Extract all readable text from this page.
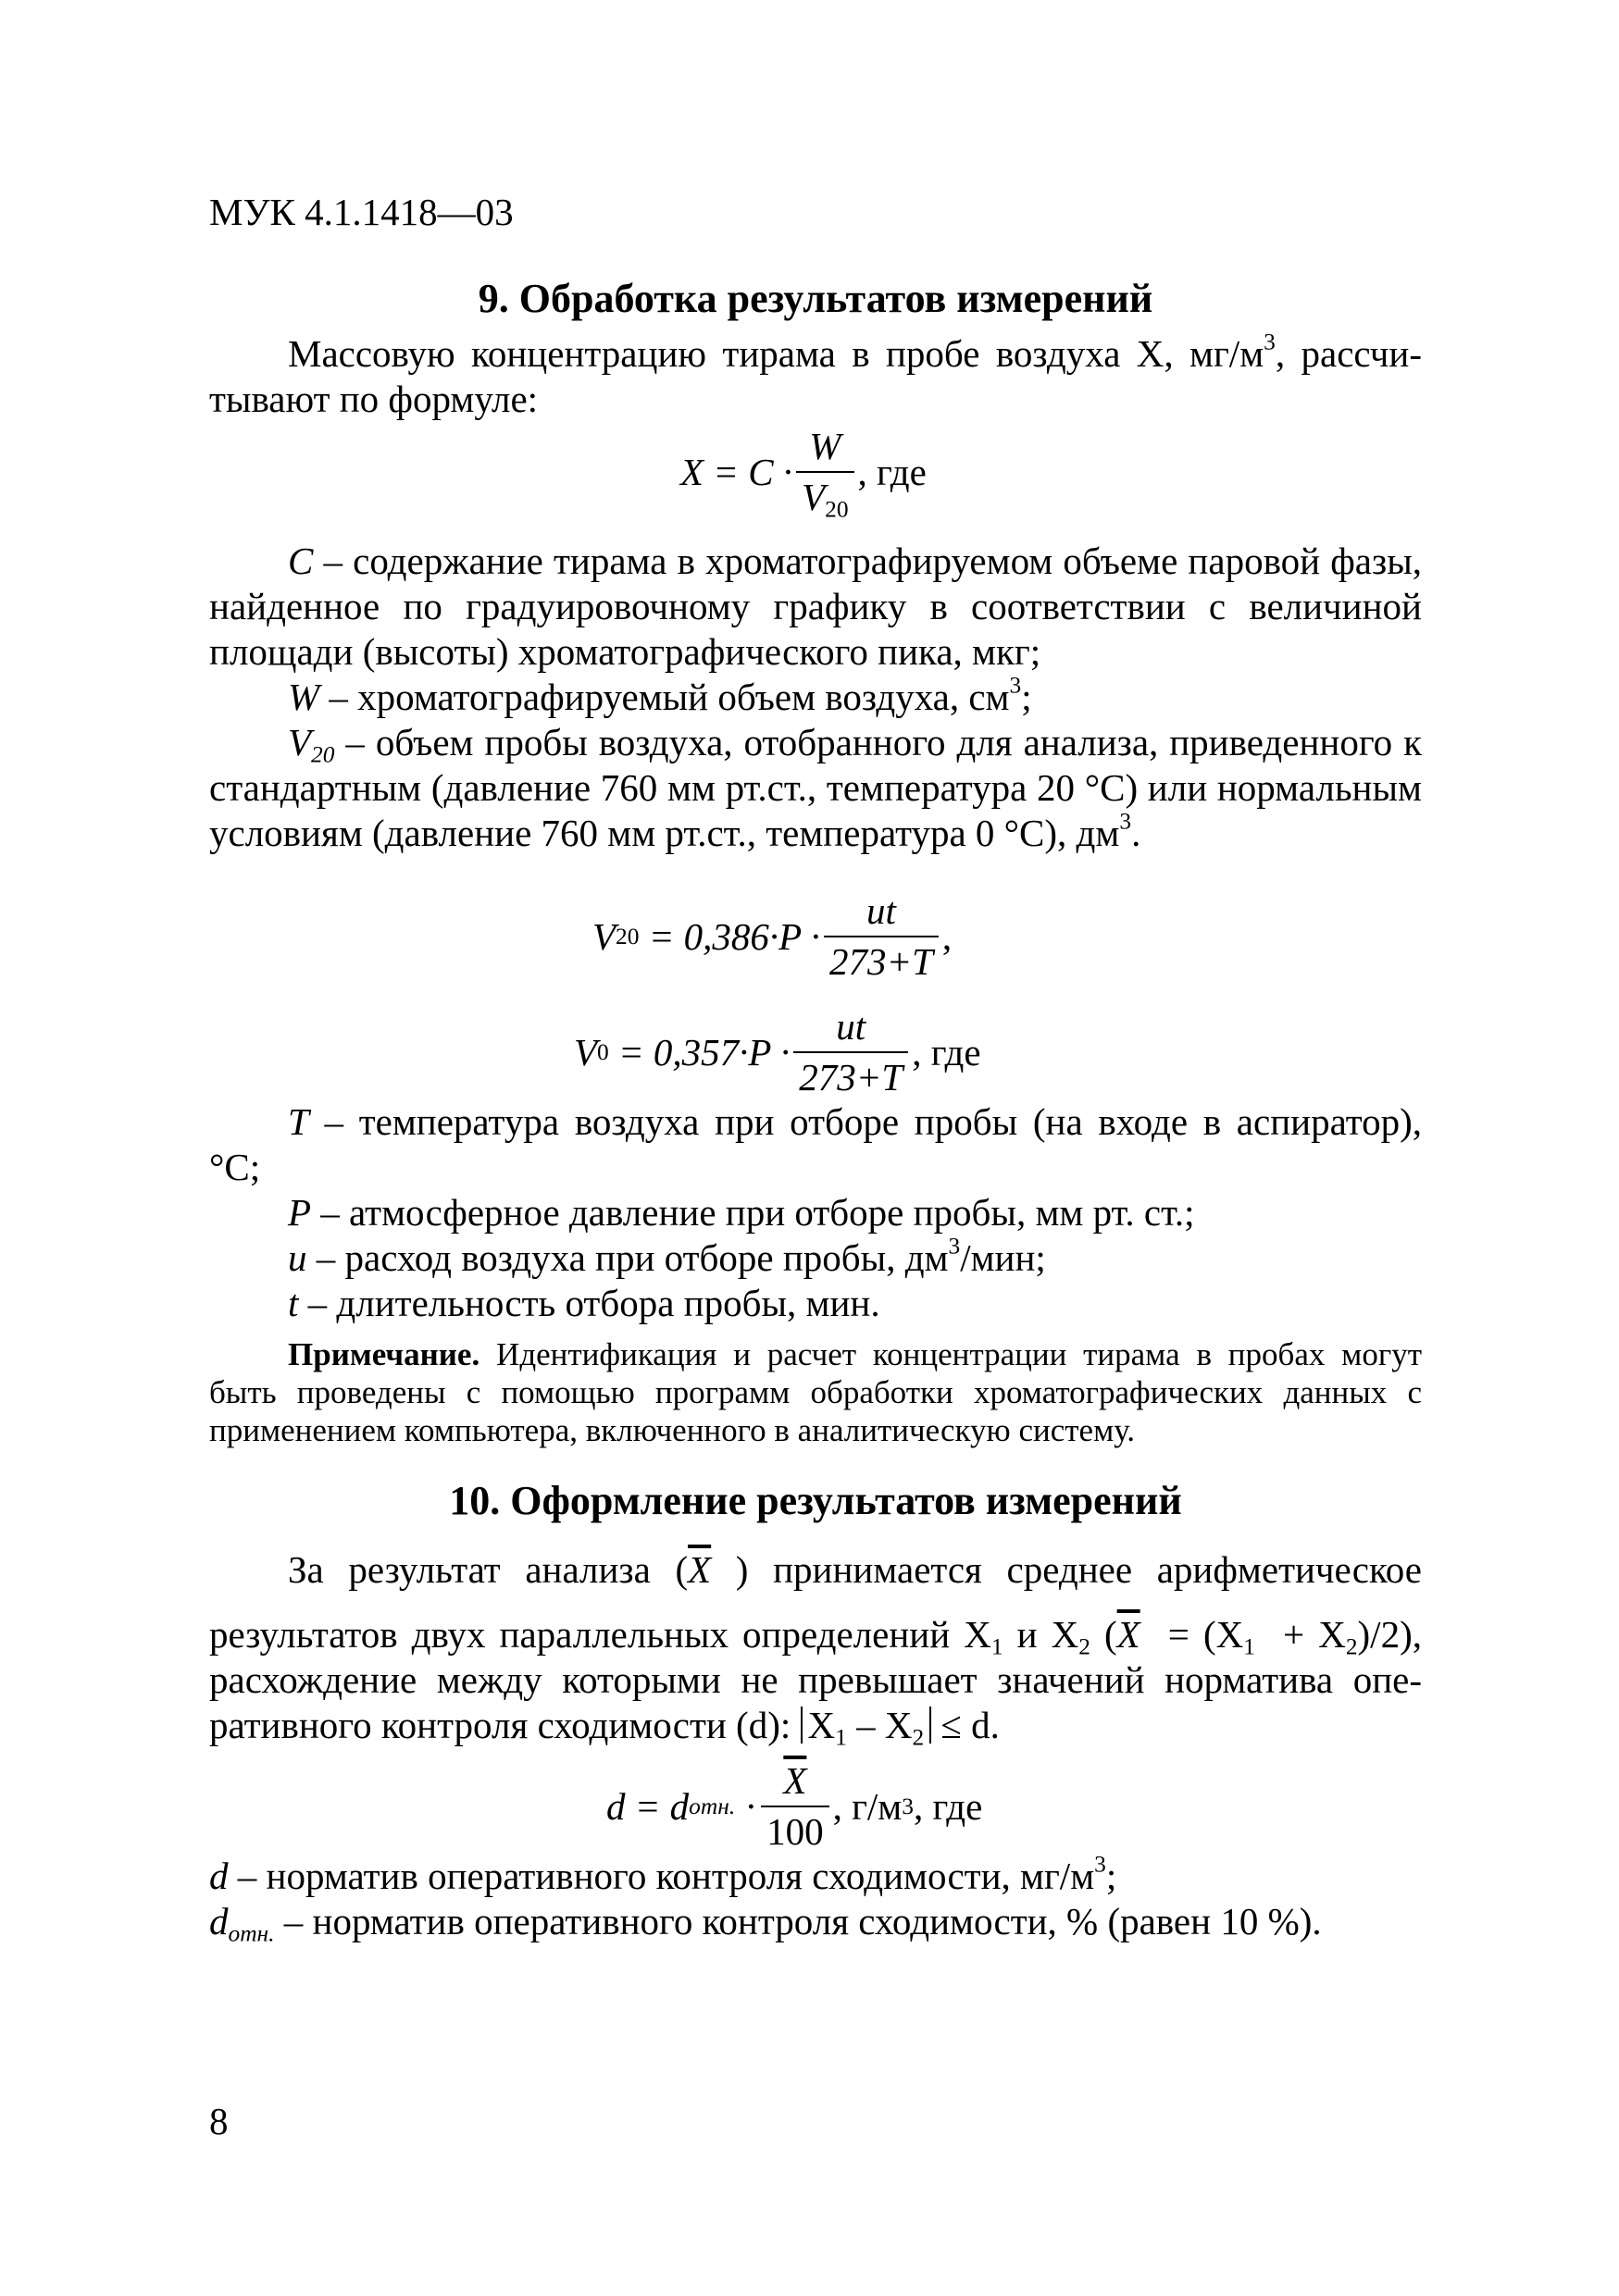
МУК 4.1.1418—03
9. Обработка результатов измерений
Массовую концентрацию тирама в пробе воздуха Х, $мг/м^3$, рассчитывают по формуле:
$X = C \cdot \frac{W}{V_{20}}$ , где
С – содержание тирама в хроматографируемом объеме паровой фазы, найденное по градуировочному графику в соответствии с величиной площади (высоты) хроматографического пика, мкг;
W – хроматографируемый объем воздуха, $см^3$;
$V_{20}$ – объем пробы воздуха, отобранного для анализа, приведенного к стандартным (давление 760 мм рт.ст., температура 20 °С) или нормальным условиям (давление 760 мм рт.ст., температура 0 °С), $дм^3$.
V $20 = 0,386\cdot P \cdot \frac{ut}{273+T}$ ,
V $0 = 0,357\cdot P \cdot \frac{ut}{273+T}$ , где
Т – температура воздуха при отборе пробы (на входе в аспиратор), °С;
Р – атмосферное давление при отборе пробы, мм рт. ст.;
u – расход воздуха при отборе пробы, $дм^3$/мин;
t – длительность отбора пробы, мин.
Примечание. Идентификация и расчет концентрации тирама в пробах могут быть проведены с помощью программ обработки хроматографических данных с применением компьютера, включенного в аналитическую систему.
10. Оформление результатов измерений
За результат анализа ($\overline{X}$ ) принимается среднее арифметическое
результатов двух параллельных определений $Х_1$ и $Х_2$ $(\overline{X} = (Х_1 + Х_2)/2)$, расхождение между которыми не превышает значений норматива оперативного контроля сходимости (d): $Х_1 - Х_2 \le d$.
d = d отн. · $\frac{\overline{X}}{100}$ , г/м 3 , где
d – норматив оперативного контроля сходимости, $мг/м^3$;
$d_{отн.}$ – норматив оперативного контроля сходимости, % (равен 10 %).
8
